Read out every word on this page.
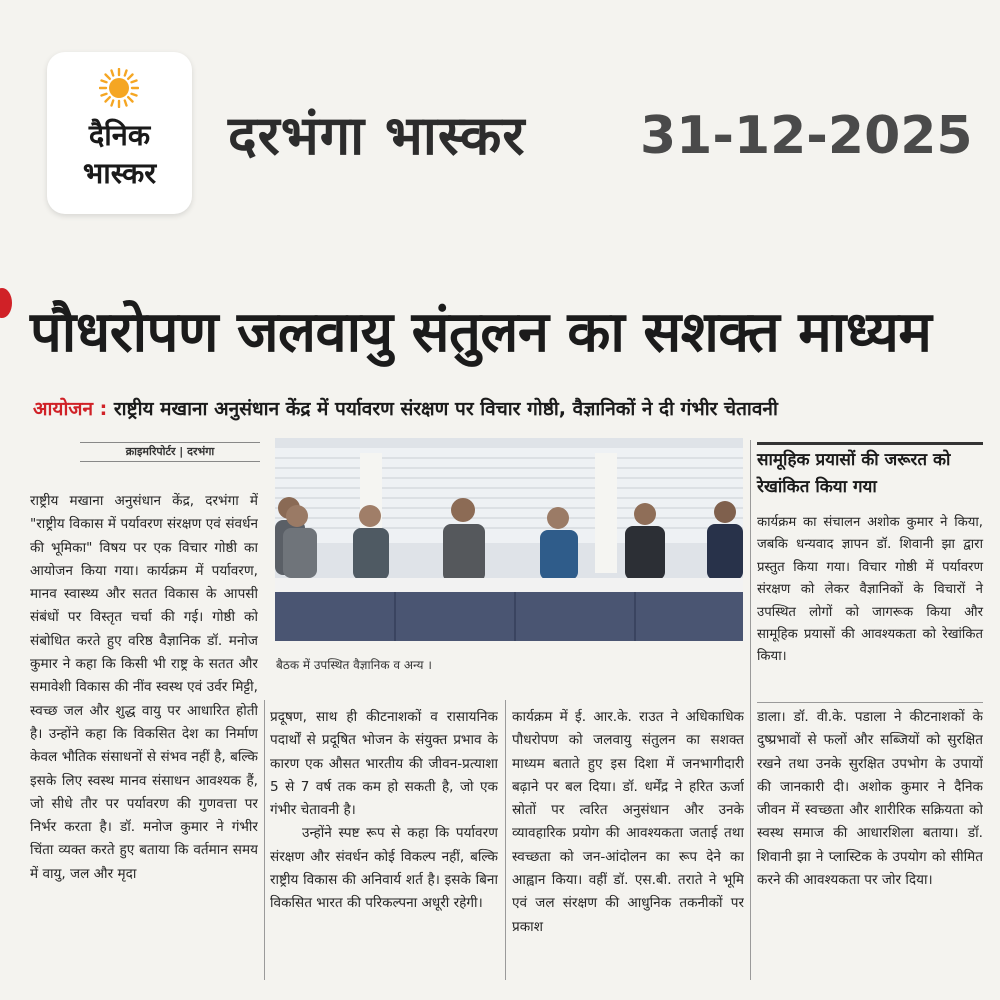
दैनिक
भास्कर
दरभंगा भास्कर 31-12-2025
पौधरोपण जलवायु संतुलन का सशक्त माध्यम
आयोजन : राष्ट्रीय मखाना अनुसंधान केंद्र में पर्यावरण संरक्षण पर विचार गोष्ठी, वैज्ञानिकों ने दी गंभीर चेतावनी
क्राइमरिपोर्टर | दरभंगा

राष्ट्रीय मखाना अनुसंधान केंद्र, दरभंगा में "राष्ट्रीय विकास में पर्यावरण संरक्षण एवं संवर्धन की भूमिका" विषय पर एक विचार गोष्ठी का आयोजन किया गया। कार्यक्रम में पर्यावरण, मानव स्वास्थ्य और सतत विकास के आपसी संबंधों पर विस्तृत चर्चा की गई। गोष्ठी को संबोधित करते हुए वरिष्ठ वैज्ञानिक डॉ. मनोज कुमार ने कहा कि किसी भी राष्ट्र के सतत और समावेशी विकास की नींव स्वस्थ एवं उर्वर मिट्टी, स्वच्छ जल और शुद्ध वायु पर आधारित होती है। उन्होंने कहा कि विकसित देश का निर्माण केवल भौतिक संसाधनों से संभव नहीं है, बल्कि इसके लिए स्वस्थ मानव संसाधन आवश्यक हैं, जो सीधे तौर पर पर्यावरण की गुणवत्ता पर निर्भर करता है। डॉ. मनोज कुमार ने गंभीर चिंता व्यक्त करते हुए बताया कि वर्तमान समय में वायु, जल और मृदा

बैठक में उपस्थित वैज्ञानिक व अन्य ।
सामूहिक प्रयासों की जरूरत को रेखांकित किया गया
कार्यक्रम का संचालन अशोक कुमार ने किया, जबकि धन्यवाद ज्ञापन डॉ. शिवानी झा द्वारा प्रस्तुत किया गया। विचार गोष्ठी में पर्यावरण संरक्षण को लेकर वैज्ञानिकों के विचारों ने उपस्थित लोगों को जागरूक किया और सामूहिक प्रयासों की आवश्यकता को रेखांकित किया।

प्रदूषण, साथ ही कीटनाशकों व रासायनिक पदार्थों से प्रदूषित भोजन के संयुक्त प्रभाव के कारण एक औसत भारतीय की जीवन-प्रत्याशा 5 से 7 वर्ष तक कम हो सकती है, जो एक गंभीर चेतावनी है।

उन्होंने स्पष्ट रूप से कहा कि पर्यावरण संरक्षण और संवर्धन कोई विकल्प नहीं, बल्कि राष्ट्रीय विकास की अनिवार्य शर्त है। इसके बिना विकसित भारत की परिकल्पना अधूरी रहेगी।

कार्यक्रम में ई. आर.के. राउत ने अधिकाधिक पौधरोपण को जलवायु संतुलन का सशक्त माध्यम बताते हुए इस दिशा में जनभागीदारी बढ़ाने पर बल दिया। डॉ. धर्मेंद्र ने हरित ऊर्जा स्रोतों पर त्वरित अनुसंधान और उनके व्यावहारिक प्रयोग की आवश्यकता जताई तथा स्वच्छता को जन-आंदोलन का रूप देने का आह्वान किया। वहीं डॉ. एस.बी. तराते ने भूमि एवं जल संरक्षण की आधुनिक तकनीकों पर प्रकाश

डाला। डॉ. वी.के. पडाला ने कीटनाशकों के दुष्प्रभावों से फलों और सब्जियों को सुरक्षित रखने तथा उनके सुरक्षित उपभोग के उपायों की जानकारी दी। अशोक कुमार ने दैनिक जीवन में स्वच्छता और शारीरिक सक्रियता को स्वस्थ समाज की आधारशिला बताया। डॉ. शिवानी झा ने प्लास्टिक के उपयोग को सीमित करने की आवश्यकता पर जोर दिया।
